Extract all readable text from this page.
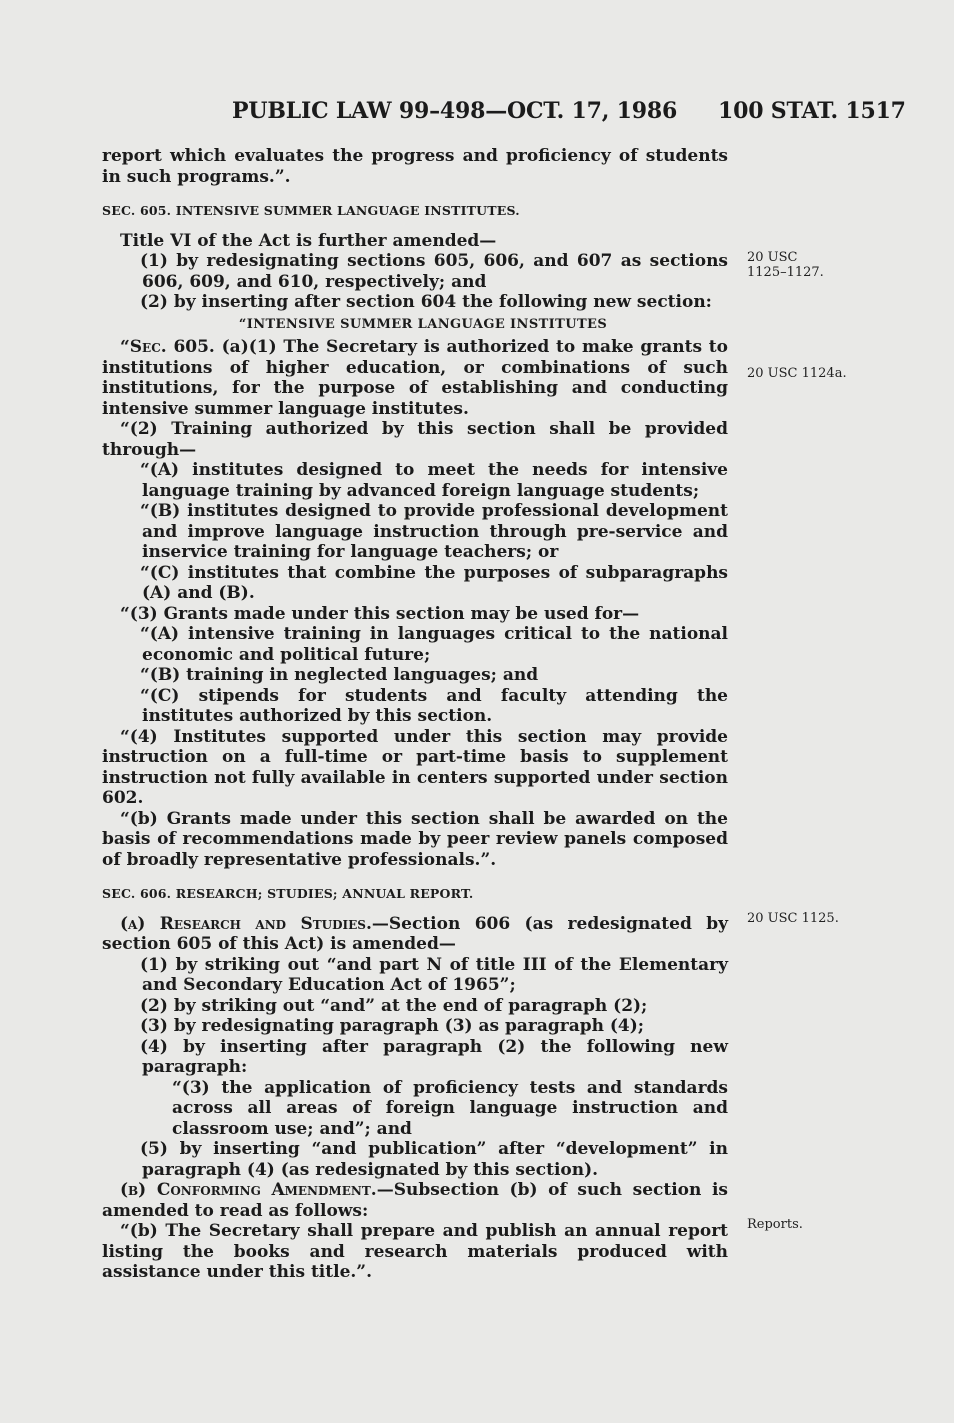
PUBLIC LAW 99–498—OCT. 17, 1986 100 STAT. 1517

report which evaluates the progress and proficiency of students in such programs.”.

SEC. 605. INTENSIVE SUMMER LANGUAGE INSTITUTES.

Title VI of the Act is further amended—

(1) by redesignating sections 605, 606, and 607 as sections 606, 609, and 610, respectively; and

(2) by inserting after section 604 the following new section:

“INTENSIVE SUMMER LANGUAGE INSTITUTES

“Sec. 605. (a)(1) The Secretary is authorized to make grants to institutions of higher education, or combinations of such institutions, for the purpose of establishing and conducting intensive summer language institutes.

“(2) Training authorized by this section shall be provided through—

“(A) institutes designed to meet the needs for intensive language training by advanced foreign language students;

“(B) institutes designed to provide professional development and improve language instruction through pre-service and inservice training for language teachers; or

“(C) institutes that combine the purposes of subparagraphs (A) and (B).

“(3) Grants made under this section may be used for—

“(A) intensive training in languages critical to the national economic and political future;

“(B) training in neglected languages; and

“(C) stipends for students and faculty attending the institutes authorized by this section.

“(4) Institutes supported under this section may provide instruction on a full-time or part-time basis to supplement instruction not fully available in centers supported under section 602.

“(b) Grants made under this section shall be awarded on the basis of recommendations made by peer review panels composed of broadly representative professionals.”.

SEC. 606. RESEARCH; STUDIES; ANNUAL REPORT.

(a) Research and Studies.—Section 606 (as redesignated by section 605 of this Act) is amended—

(1) by striking out “and part N of title III of the Elementary and Secondary Education Act of 1965”;

(2) by striking out “and” at the end of paragraph (2);

(3) by redesignating paragraph (3) as paragraph (4);

(4) by inserting after paragraph (2) the following new paragraph:

“(3) the application of proficiency tests and standards across all areas of foreign language instruction and classroom use; and”; and

(5) by inserting “and publication” after “development” in paragraph (4) (as redesignated by this section).

(b) Conforming Amendment.—Subsection (b) of such section is amended to read as follows:

“(b) The Secretary shall prepare and publish an annual report listing the books and research materials produced with assistance under this title.”.

20 USC
1125–1127.
20 USC 1124a.
20 USC 1125.
Reports.
